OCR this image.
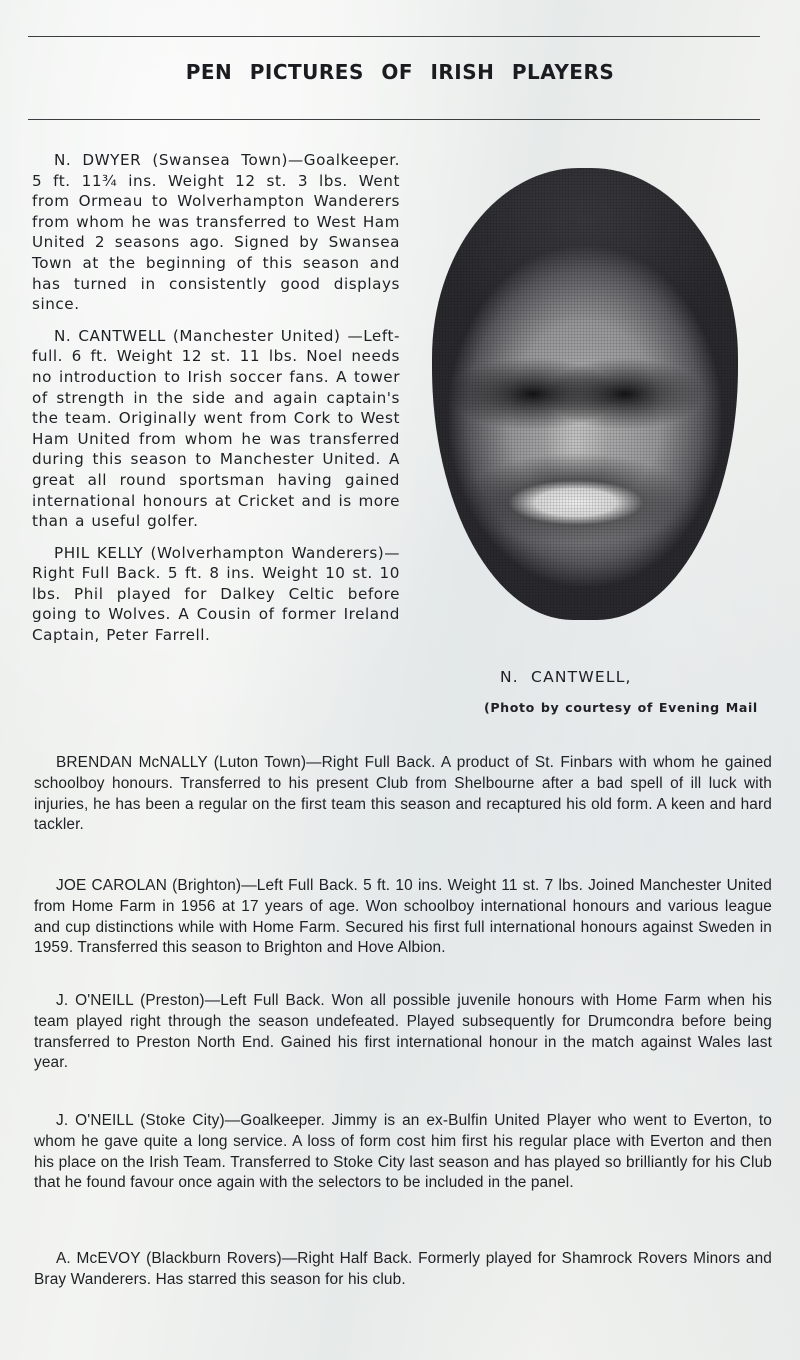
PEN PICTURES OF IRISH PLAYERS

N. DWYER (Swansea Town)—Goalkeeper. 5 ft. 11¾ ins. Weight 12 st. 3 lbs. Went from Ormeau to Wolverhampton Wanderers from whom he was transferred to West Ham United 2 seasons ago. Signed by Swansea Town at the beginning of this season and has turned in consistently good displays since.

N. CANTWELL (Manchester United) —Left-full. 6 ft. Weight 12 st. 11 lbs. Noel needs no introduction to Irish soccer fans. A tower of strength in the side and again captain's the team. Originally went from Cork to West Ham United from whom he was transferred during this season to Manchester United. A great all round sportsman having gained international honours at Cricket and is more than a useful golfer.

PHIL KELLY (Wolverhampton Wanderers)—Right Full Back. 5 ft. 8 ins. Weight 10 st. 10 lbs. Phil played for Dalkey Celtic before going to Wolves. A Cousin of former Ireland Captain, Peter Farrell.

N. CANTWELL,
(Photo by courtesy of Evening Mail

BRENDAN McNALLY (Luton Town)—Right Full Back. A product of St. Finbars with whom he gained schoolboy honours. Transferred to his present Club from Shelbourne after a bad spell of ill luck with injuries, he has been a regular on the first team this season and recaptured his old form. A keen and hard tackler.

JOE CAROLAN (Brighton)—Left Full Back. 5 ft. 10 ins. Weight 11 st. 7 lbs. Joined Manchester United from Home Farm in 1956 at 17 years of age. Won schoolboy international honours and various league and cup distinctions while with Home Farm. Secured his first full international honours against Sweden in 1959. Transferred this season to Brighton and Hove Albion.

J. O'NEILL (Preston)—Left Full Back. Won all possible juvenile honours with Home Farm when his team played right through the season undefeated. Played subsequently for Drumcondra before being transferred to Preston North End. Gained his first international honour in the match against Wales last year.

J. O'NEILL (Stoke City)—Goalkeeper. Jimmy is an ex-Bulfin United Player who went to Everton, to whom he gave quite a long service. A loss of form cost him first his regular place with Everton and then his place on the Irish Team. Transferred to Stoke City last season and has played so brilliantly for his Club that he found favour once again with the selectors to be included in the panel.

A. McEVOY (Blackburn Rovers)—Right Half Back. Formerly played for Shamrock Rovers Minors and Bray Wanderers. Has starred this season for his club.
